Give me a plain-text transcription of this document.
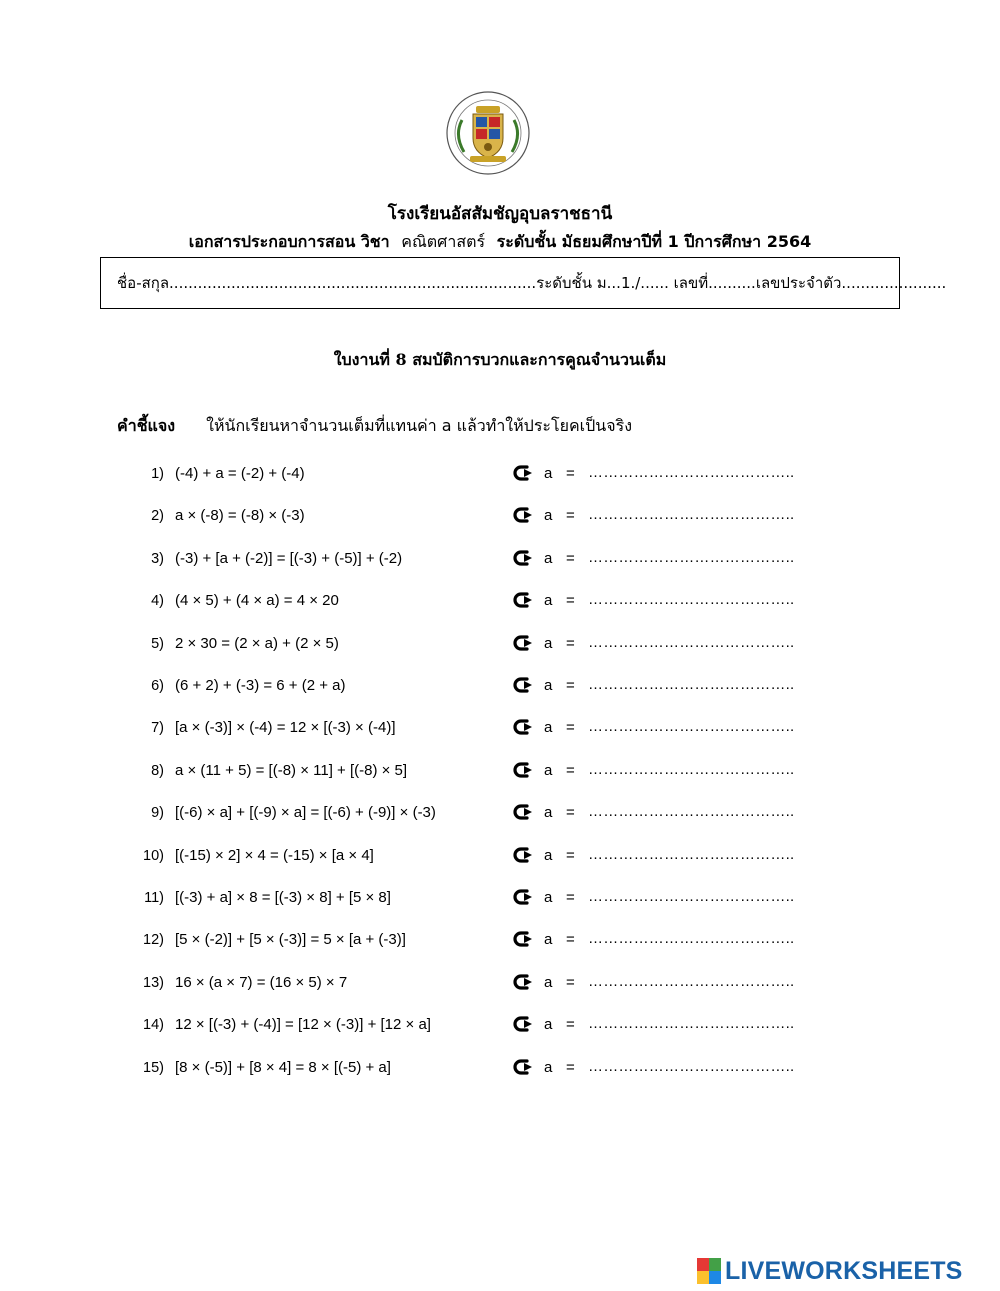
โรงเรียนอัสสัมชัญอุบลราชธานี
เอกสารประกอบการสอน วิชา คณิตศาสตร์ ระดับชั้น มัธยมศึกษาปีที่ 1 ปีการศึกษา 2564
ชื่อ-สกุล.............................................................................ระดับชั้น ม...1./...... เลขที่..........เลขประจำตัว......................
ใบงานที่ 8 สมบัติการบวกและการคูณจำนวนเต็ม
คำชี้แจง ให้นักเรียนหาจำนวนเต็มที่แทนค่า a แล้วทำให้ประโยคเป็นจริง
1) (-4) + a = (-2) + (-4)	a = …………………………………..
2) a × (-8) = (-8) × (-3)	a = …………………………………..
3) (-3) + [a + (-2)] = [(-3) + (-5)] + (-2)	a = …………………………………..
4) (4 × 5) + (4 × a) = 4 × 20	a = …………………………………..
5) 2 × 30 = (2 × a) + (2 × 5)	a = …………………………………..
6) (6 + 2) + (-3) = 6 + (2 + a)	a = …………………………………..
7) [a × (-3)] × (-4) = 12 × [(-3) × (-4)]	a = …………………………………..
8) a × (11 + 5) = [(-8) × 11] + [(-8) × 5]	a = …………………………………..
9) [(-6) × a] + [(-9) × a] = [(-6) + (-9)] × (-3)	a = …………………………………..
10) [(-15) × 2] × 4 = (-15) × [a × 4]	a = …………………………………..
11) [(-3) + a] × 8 = [(-3) × 8] + [5 × 8]	a = …………………………………..
12) [5 × (-2)] + [5 × (-3)] = 5 × [a + (-3)]	a = …………………………………..
13) 16 × (a × 7) = (16 × 5) × 7	a = …………………………………..
14) 12 × [(-3) + (-4)] = [12 × (-3)] + [12 × a]	a = …………………………………..
15) [8 × (-5)] + [8 × 4] = 8 × [(-5) + a]	a = …………………………………..
LIVEWORKSHEETS
